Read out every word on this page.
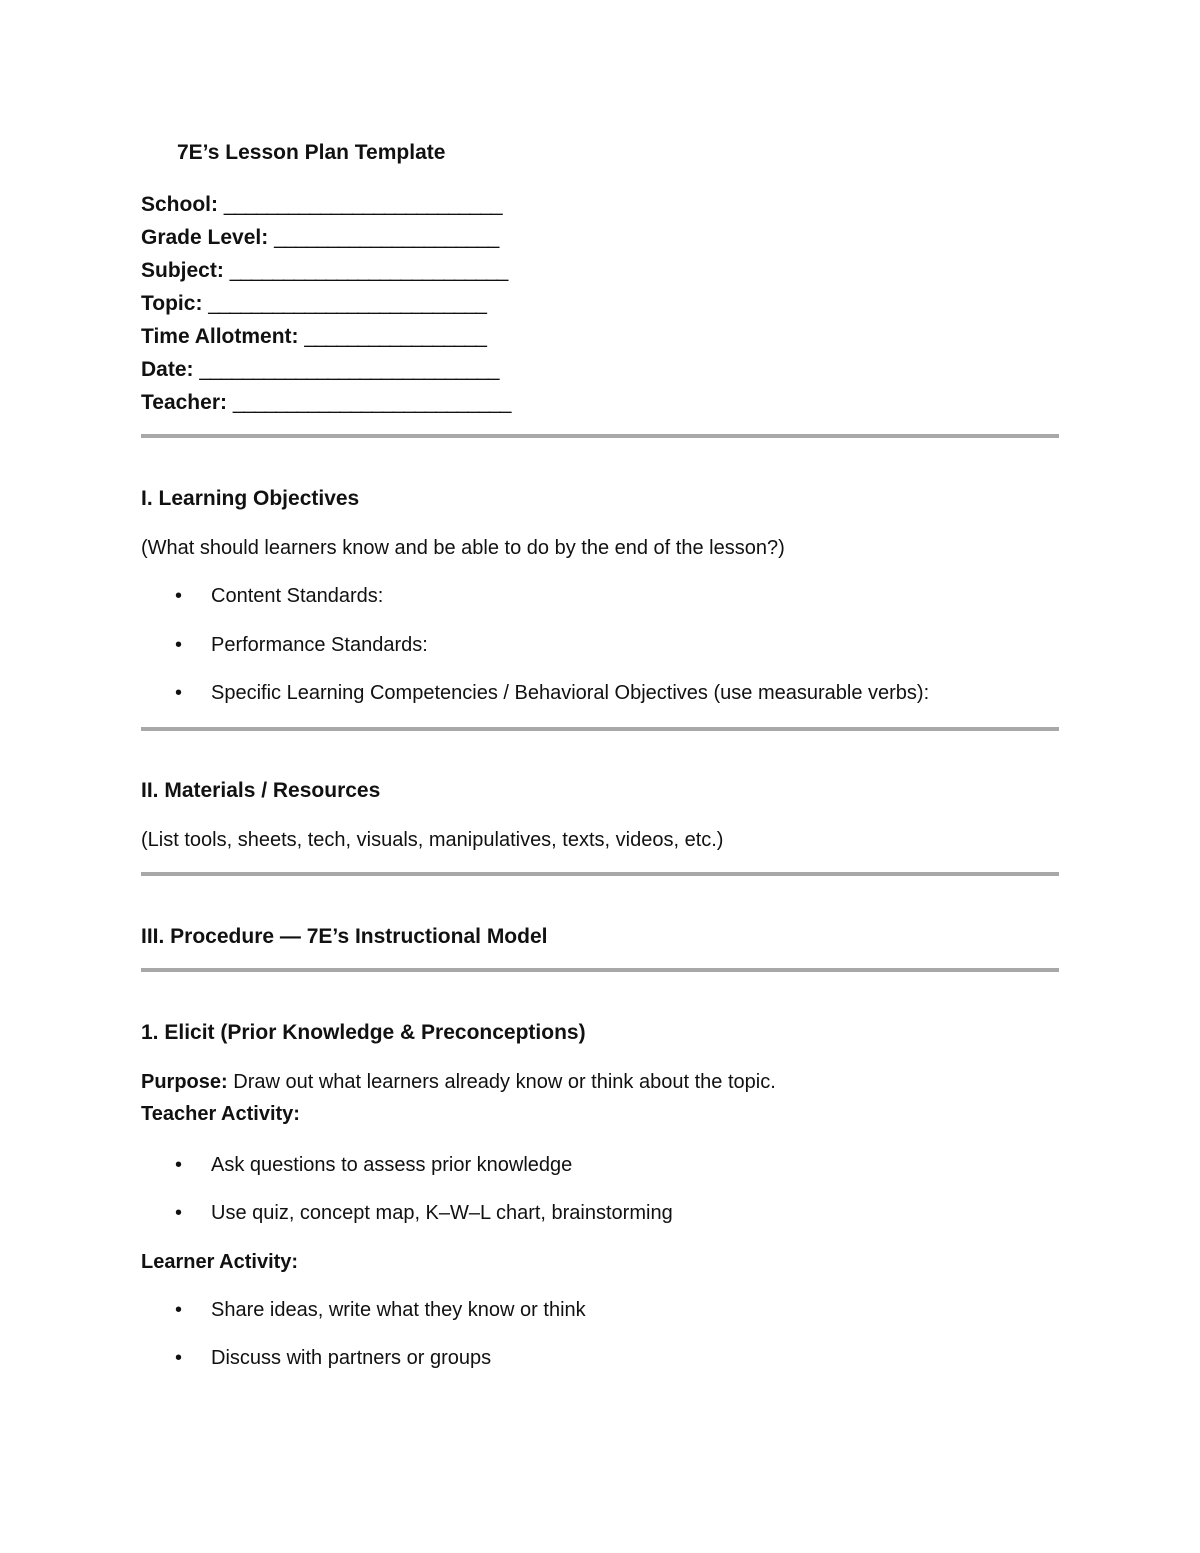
7E’s Lesson Plan Template
School: __________________________
Grade Level: _____________________
Subject: __________________________
Topic: __________________________
Time Allotment: _________________
Date: ____________________________
Teacher: __________________________
I. Learning Objectives
(What should learners know and be able to do by the end of the lesson?)
• Content Standards:
• Performance Standards:
• Specific Learning Competencies / Behavioral Objectives (use measurable verbs):
II. Materials / Resources
(List tools, sheets, tech, visuals, manipulatives, texts, videos, etc.)
III. Procedure — 7E’s Instructional Model
1. Elicit (Prior Knowledge & Preconceptions)
Purpose: Draw out what learners already know or think about the topic.
Teacher Activity:
• Ask questions to assess prior knowledge
• Use quiz, concept map, K–W–L chart, brainstorming
Learner Activity:
• Share ideas, write what they know or think
• Discuss with partners or groups
